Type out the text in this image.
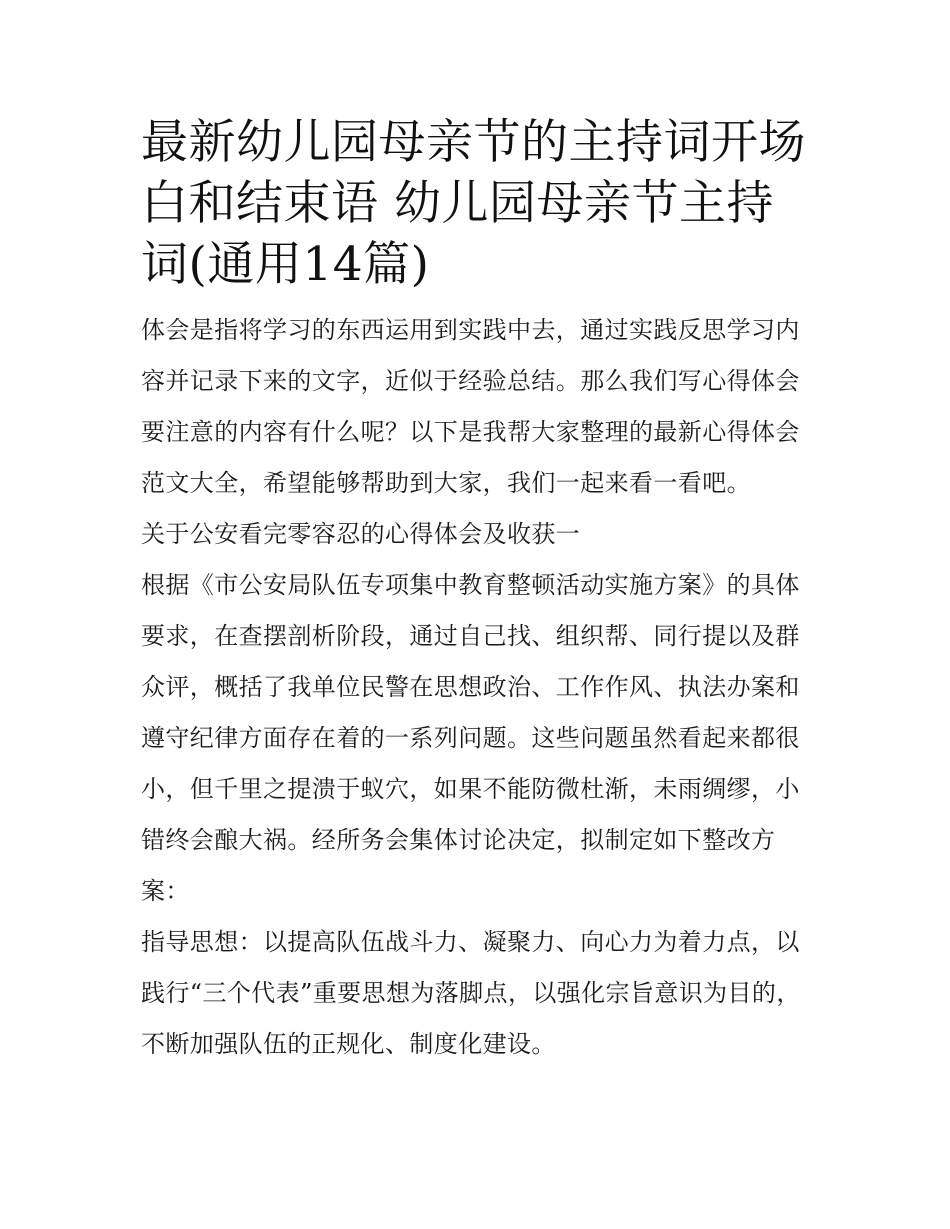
最新幼儿园母亲节的主持词开场白和结束语 幼儿园母亲节主持词(通用14篇)

体会是指将学习的东西运用到实践中去，通过实践反思学习内容并记录下来的文字，近似于经验总结。那么我们写心得体会要注意的内容有什么呢？以下是我帮大家整理的最新心得体会范文大全，希望能够帮助到大家，我们一起来看一看吧。

关于公安看完零容忍的心得体会及收获一

根据《市公安局队伍专项集中教育整顿活动实施方案》的具体要求，在查摆剖析阶段，通过自己找、组织帮、同行提以及群众评，概括了我单位民警在思想政治、工作作风、执法办案和遵守纪律方面存在着的一系列问题。这些问题虽然看起来都很小，但千里之提溃于蚁穴，如果不能防微杜渐，未雨绸缪，小错终会酿大祸。经所务会集体讨论决定，拟制定如下整改方案：

指导思想：以提高队伍战斗力、凝聚力、向心力为着力点，以践行“三个代表”重要思想为落脚点，以强化宗旨意识为目的，不断加强队伍的正规化、制度化建设。
